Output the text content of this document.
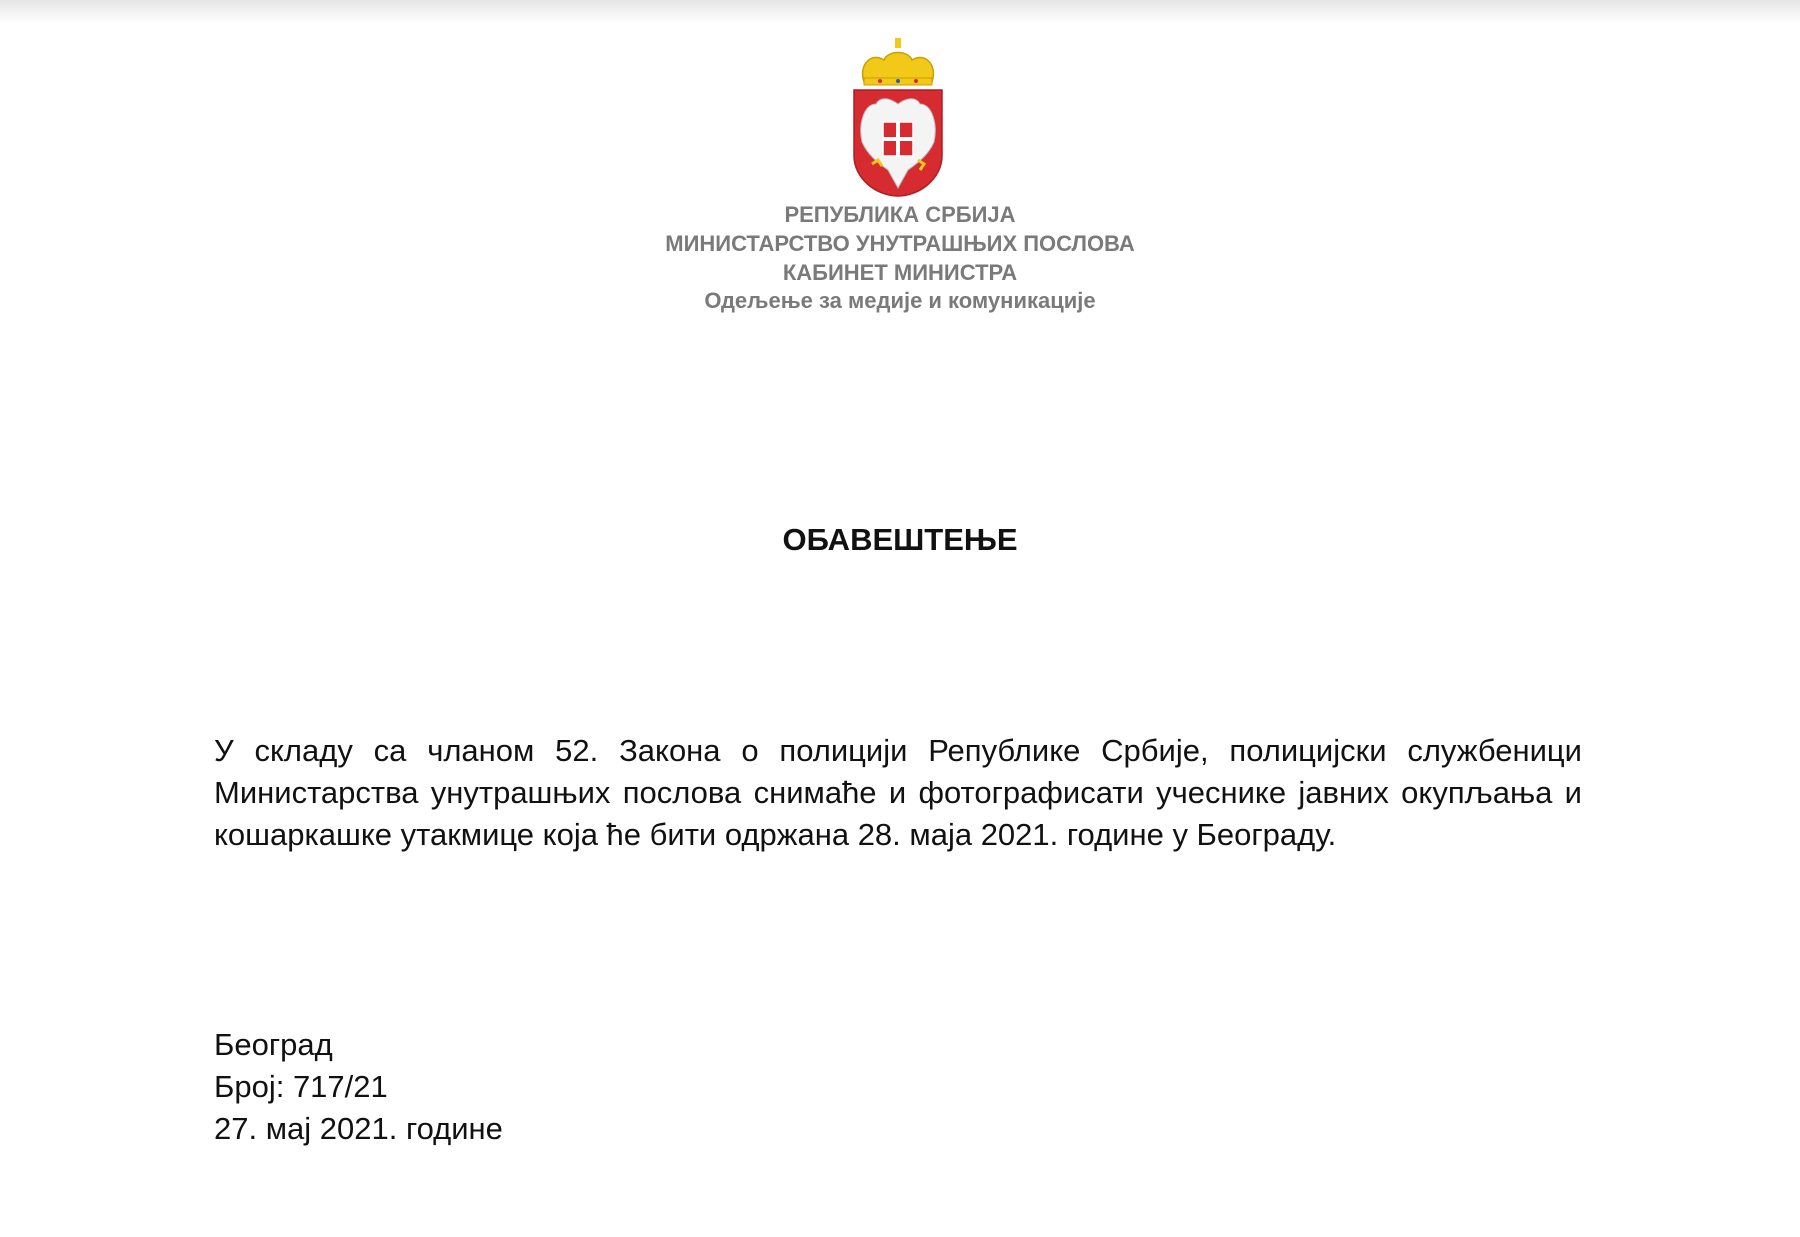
РЕПУБЛИКА СРБИЈА
МИНИСТАРСТВО УНУТРАШЊИХ ПОСЛОВА
КАБИНЕТ МИНИСТРА
Одељење за медије и комуникације
ОБАВЕШТЕЊЕ
У складу са чланом 52. Закона о полицији Републике Србије, полицијски службеници Министарства унутрашњих послова снимаће и фотографисати учеснике јавних окупљања и кошаркашке утакмице која ће бити одржана 28. маја 2021. године у Београду.
Београд
Број: 717/21
27. мај 2021. године
